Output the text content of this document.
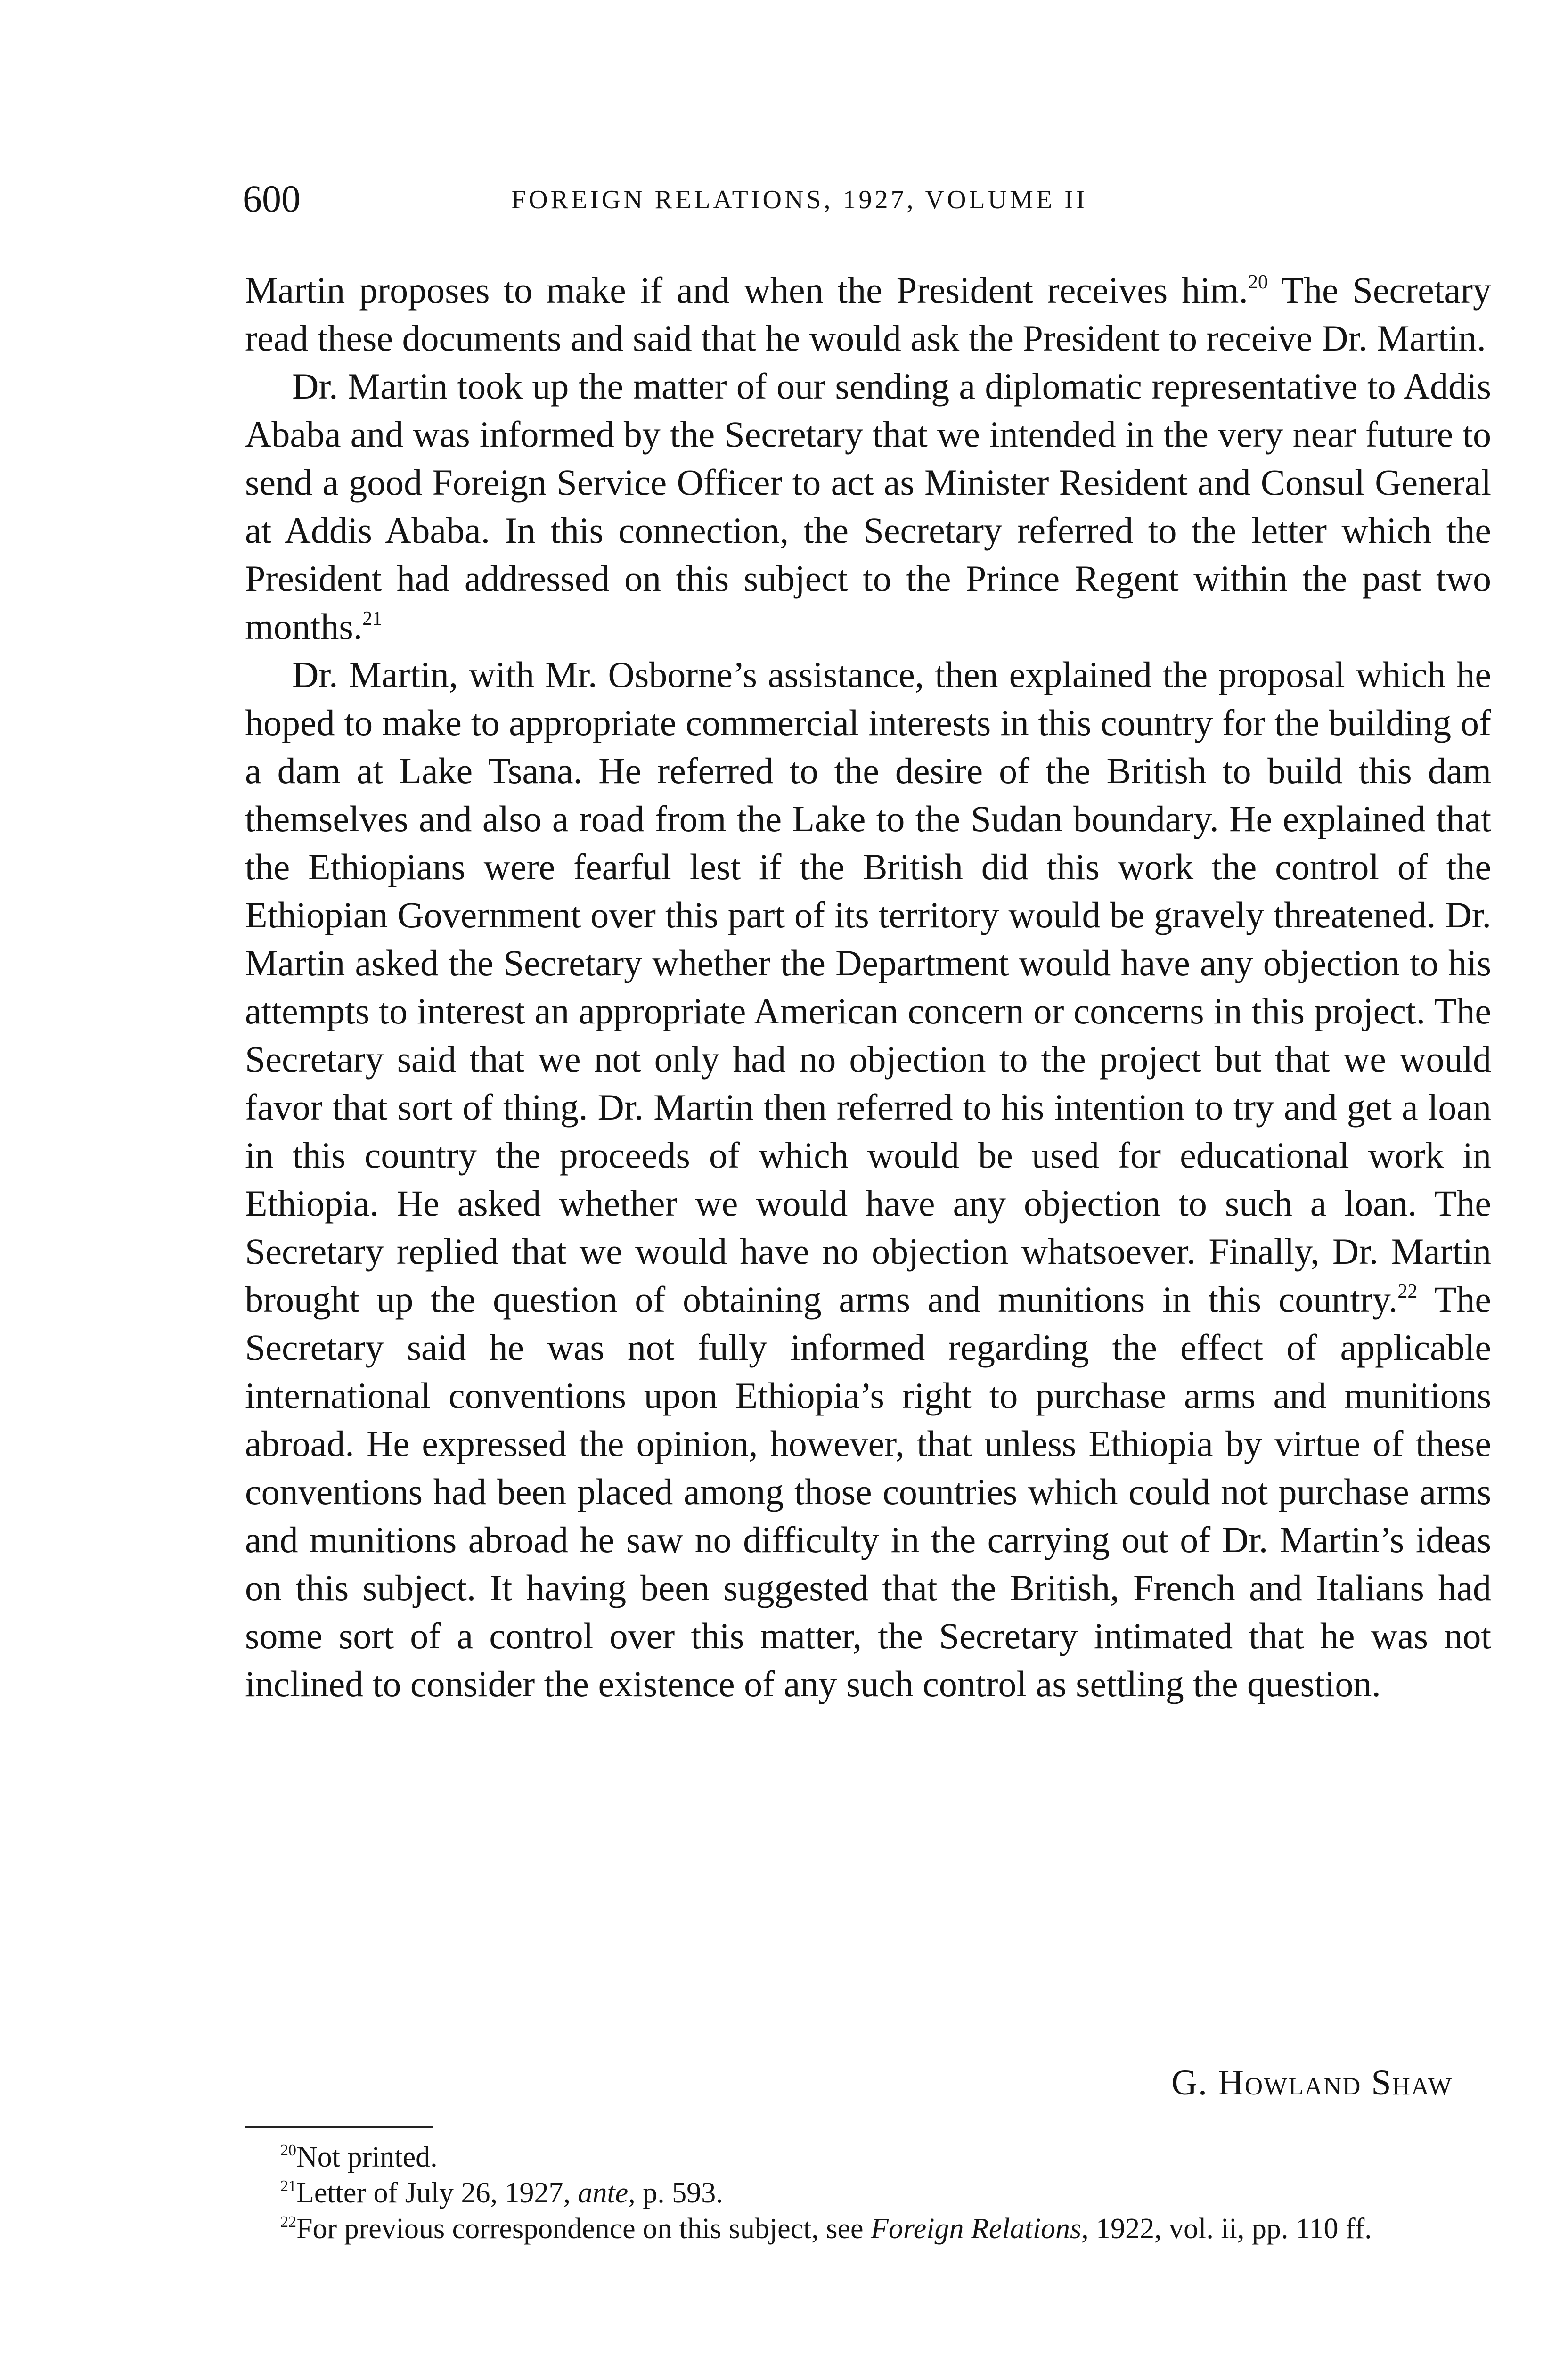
600	FOREIGN RELATIONS, 1927, VOLUME II

Martin proposes to make if and when the President receives him.$^{20}$ The Secretary read these documents and said that he would ask the President to receive Dr. Martin.

Dr. Martin took up the matter of our sending a diplomatic representative to Addis Ababa and was informed by the Secretary that we intended in the very near future to send a good Foreign Service Officer to act as Minister Resident and Consul General at Addis Ababa. In this connection, the Secretary referred to the letter which the President had addressed on this subject to the Prince Regent within the past two months.$^{21}$

Dr. Martin, with Mr. Osborne’s assistance, then explained the proposal which he hoped to make to appropriate commercial interests in this country for the building of a dam at Lake Tsana. He referred to the desire of the British to build this dam themselves and also a road from the Lake to the Sudan boundary. He explained that the Ethiopians were fearful lest if the British did this work the control of the Ethiopian Government over this part of its territory would be gravely threatened. Dr. Martin asked the Secretary whether the Department would have any objection to his attempts to interest an appropriate American concern or concerns in this project. The Secretary said that we not only had no objection to the project but that we would favor that sort of thing. Dr. Martin then referred to his intention to try and get a loan in this country the proceeds of which would be used for educational work in Ethiopia. He asked whether we would have any objection to such a loan. The Secretary replied that we would have no objection whatsoever. Finally, Dr. Martin brought up the question of obtaining arms and munitions in this country.$^{22}$ The Secretary said he was not fully informed regarding the effect of applicable international conventions upon Ethiopia’s right to purchase arms and munitions abroad. He expressed the opinion, however, that unless Ethiopia by virtue of these conventions had been placed among those countries which could not purchase arms and munitions abroad he saw no difficulty in the carrying out of Dr. Martin’s ideas on this subject. It having been suggested that the British, French and Italians had some sort of a control over this matter, the Secretary intimated that he was not inclined to consider the existence of any such control as settling the question.

G. Howland Shaw

$^{20}$Not printed.

$^{21}$Letter of July 26, 1927, ante, p. 593.

$^{22}$For previous correspondence on this subject, see Foreign Relations, 1922, vol. ii, pp. 110 ff.
